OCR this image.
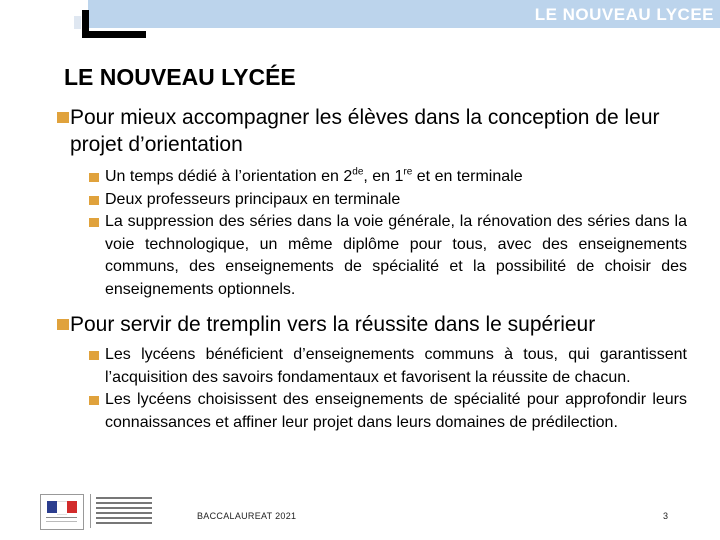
LE NOUVEAU LYCEE
LE NOUVEAU LYCÉE
Pour mieux accompagner les élèves dans la conception de leur projet d’orientation
Un temps dédié à l’orientation en 2de, en 1re et en terminale
Deux professeurs principaux en terminale
La suppression des séries dans la voie générale, la rénovation des séries dans la voie technologique, un même diplôme pour tous, avec des enseignements communs, des enseignements de spécialité et la possibilité de choisir des enseignements optionnels.
Pour servir de tremplin vers la réussite dans le supérieur
Les lycéens bénéficient d’enseignements communs à tous, qui garantissent l’acquisition des savoirs fondamentaux et favorisent la réussite de chacun.
Les lycéens choisissent des enseignements de spécialité pour approfondir leurs connaissances et affiner leur projet dans leurs domaines de prédilection.
BACCALAUREAT 2021	3
